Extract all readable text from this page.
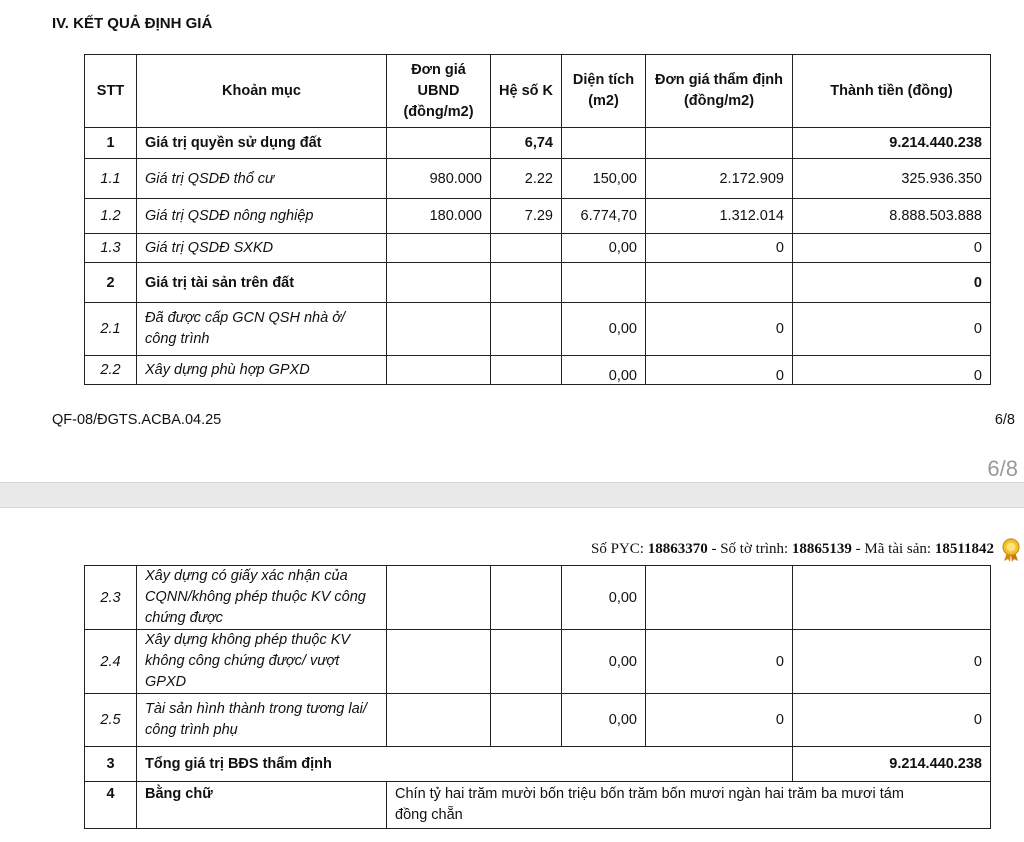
IV. KẾT QUẢ ĐỊNH GIÁ
STT	Khoản mục	Đơn giá UBND (đồng/m2)	Hệ số K	Diện tích (m2)	Đơn giá thẩm định (đồng/m2)	Thành tiền (đồng)
1	Giá trị quyền sử dụng đất		6,74			9.214.440.238
1.1	Giá trị QSDĐ thổ cư	980.000	2.22	150,00	2.172.909	325.936.350
1.2	Giá trị QSDĐ nông nghiệp	180.000	7.29	6.774,70	1.312.014	8.888.503.888
1.3	Giá trị QSDĐ SXKD			0,00	0	0
2	Giá trị tài sản trên đất					0
2.1	Đã được cấp GCN QSH nhà ở/ công trình			0,00	0	0
2.2	Xây dựng phù hợp GPXD			0,00	0	0
QF-08/ĐGTS.ACBA.04.25	6/8
6/8
Số PYC: 18863370 - Số tờ trình: 18865139 - Mã tài sản: 18511842
2.3	Xây dựng có giấy xác nhận của CQNN/không phép thuộc KV công chứng được			0,00		
2.4	Xây dựng không phép thuộc KV không công chứng được/ vượt GPXD			0,00	0	0
2.5	Tài sản hình thành trong tương lai/ công trình phụ			0,00	0	0
3	Tổng giá trị BĐS thẩm định					9.214.440.238
4	Bằng chữ	Chín tỷ hai trăm mười bốn triệu bốn trăm bốn mươi ngàn hai trăm ba mươi tám đồng chẵn				
